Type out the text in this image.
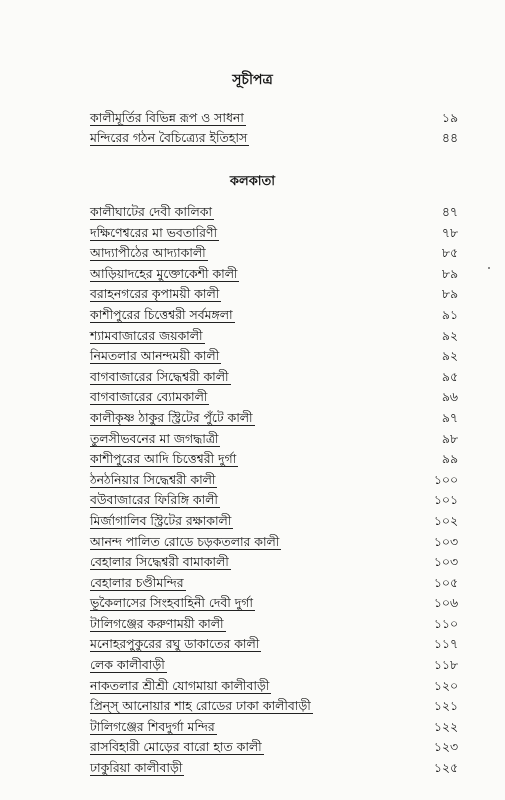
সূচীপত্র
কালীমূর্তির বিভিন্ন রূপ ও সাধনা	১৯
মন্দিরের গঠন বৈচিত্র্যের ইতিহাস	৪৪
কলকাতা
কালীঘাটের দেবী কালিকা	৪৭
দক্ষিণেশ্বরের মা ভবতারিণী	৭৮
আদ্যাপীঠের আদ্যাকালী	৮৫
আড়িয়াদহের মুক্তোকেশী কালী	৮৯
বরাহনগরের কৃপাময়ী কালী	৮৯
কাশীপুরের চিত্তেশ্বরী সর্বমঙ্গলা	৯১
শ্যামবাজারের জয়কালী	৯২
নিমতলার আনন্দময়ী কালী	৯২
বাগবাজারের সিদ্ধেশ্বরী কালী	৯৫
বাগবাজারের ব্যোমকালী	৯৬
কালীকৃষ্ণ ঠাকুর স্ট্রিটের পুঁটে কালী	৯৭
তুলসীভবনের মা জগদ্ধাত্রী	৯৮
কাশীপুরের আদি চিত্তেশ্বরী দুর্গা	৯৯
ঠনঠনিয়ার সিদ্ধেশ্বরী কালী	১০০
বউবাজারের ফিরিঙ্গি কালী	১০১
মির্জাগালিব স্ট্রিটের রক্ষাকালী	১০২
আনন্দ পালিত রোডে চড়কতলার কালী	১০৩
বেহালার সিদ্ধেশ্বরী বামাকালী	১০৩
বেহালার চণ্ডীমন্দির	১০৫
ভূকৈলাসের সিংহবাহিনী দেবী দুর্গা	১০৬
টালিগঞ্জের করুণাময়ী কালী	১১০
মনোহরপুকুরের রঘু ডাকাতের কালী	১১৭
লেক কালীবাড়ী	১১৮
নাকতলার শ্রীশ্রী যোগমায়া কালীবাড়ী	১২০
প্রিন্স্ আনোয়ার শাহ রোডের ঢাকা কালীবাড়ী	১২১
টালিগঞ্জের শিবদুর্গা মন্দির	১২২
রাসবিহারী মোড়ের বারো হাত কালী	১২৩
ঢাকুরিয়া কালীবাড়ী	১২৫
